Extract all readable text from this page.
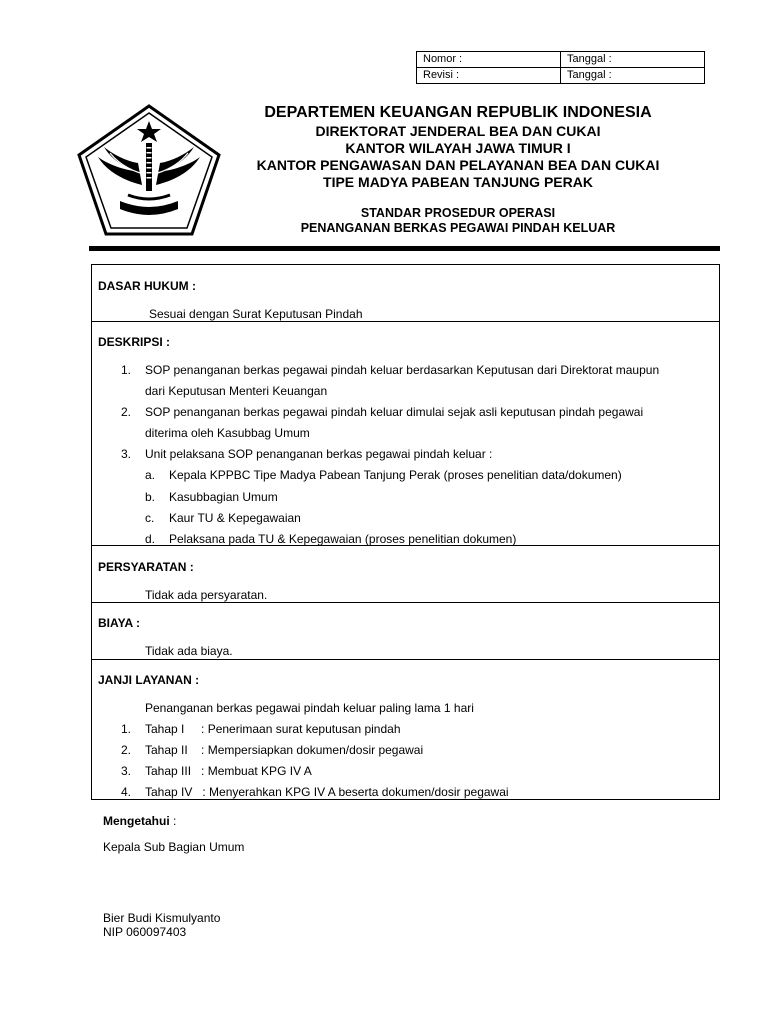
Nomor :	Tanggal :
Revisi :	Tanggal :
DEPARTEMEN KEUANGAN REPUBLIK INDONESIA
DIREKTORAT JENDERAL BEA DAN CUKAI
KANTOR WILAYAH JAWA TIMUR I
KANTOR PENGAWASAN DAN PELAYANAN BEA DAN CUKAI
TIPE MADYA PABEAN TANJUNG PERAK
STANDAR PROSEDUR OPERASI
PENANGANAN BERKAS PEGAWAI PINDAH KELUAR
DASAR HUKUM :
Sesuai dengan Surat Keputusan Pindah
DESKRIPSI :
1. SOP penanganan berkas pegawai pindah keluar berdasarkan Keputusan dari Direktorat maupun
dari Keputusan Menteri Keuangan
2. SOP penanganan berkas pegawai pindah keluar dimulai sejak asli keputusan pindah pegawai
diterima oleh Kasubbag Umum
3. Unit pelaksana SOP penanganan berkas pegawai pindah keluar :
a. Kepala KPPBC Tipe Madya Pabean Tanjung Perak (proses penelitian data/dokumen)
b. Kasubbagian Umum
c. Kaur TU & Kepegawaian
d. Pelaksana pada TU & Kepegawaian (proses penelitian dokumen)
PERSYARATAN :
Tidak ada persyaratan.
BIAYA :
Tidak ada biaya.
JANJI LAYANAN :
Penanganan berkas pegawai pindah keluar paling lama 1 hari
1. Tahap I     : Penerimaan surat keputusan pindah
2. Tahap II    : Mempersiapkan dokumen/dosir pegawai
3. Tahap III   : Membuat KPG IV A
4. Tahap IV   : Menyerahkan KPG IV A beserta dokumen/dosir pegawai
Mengetahui :
Kepala Sub Bagian Umum
Bier Budi Kismulyanto
NIP 060097403
